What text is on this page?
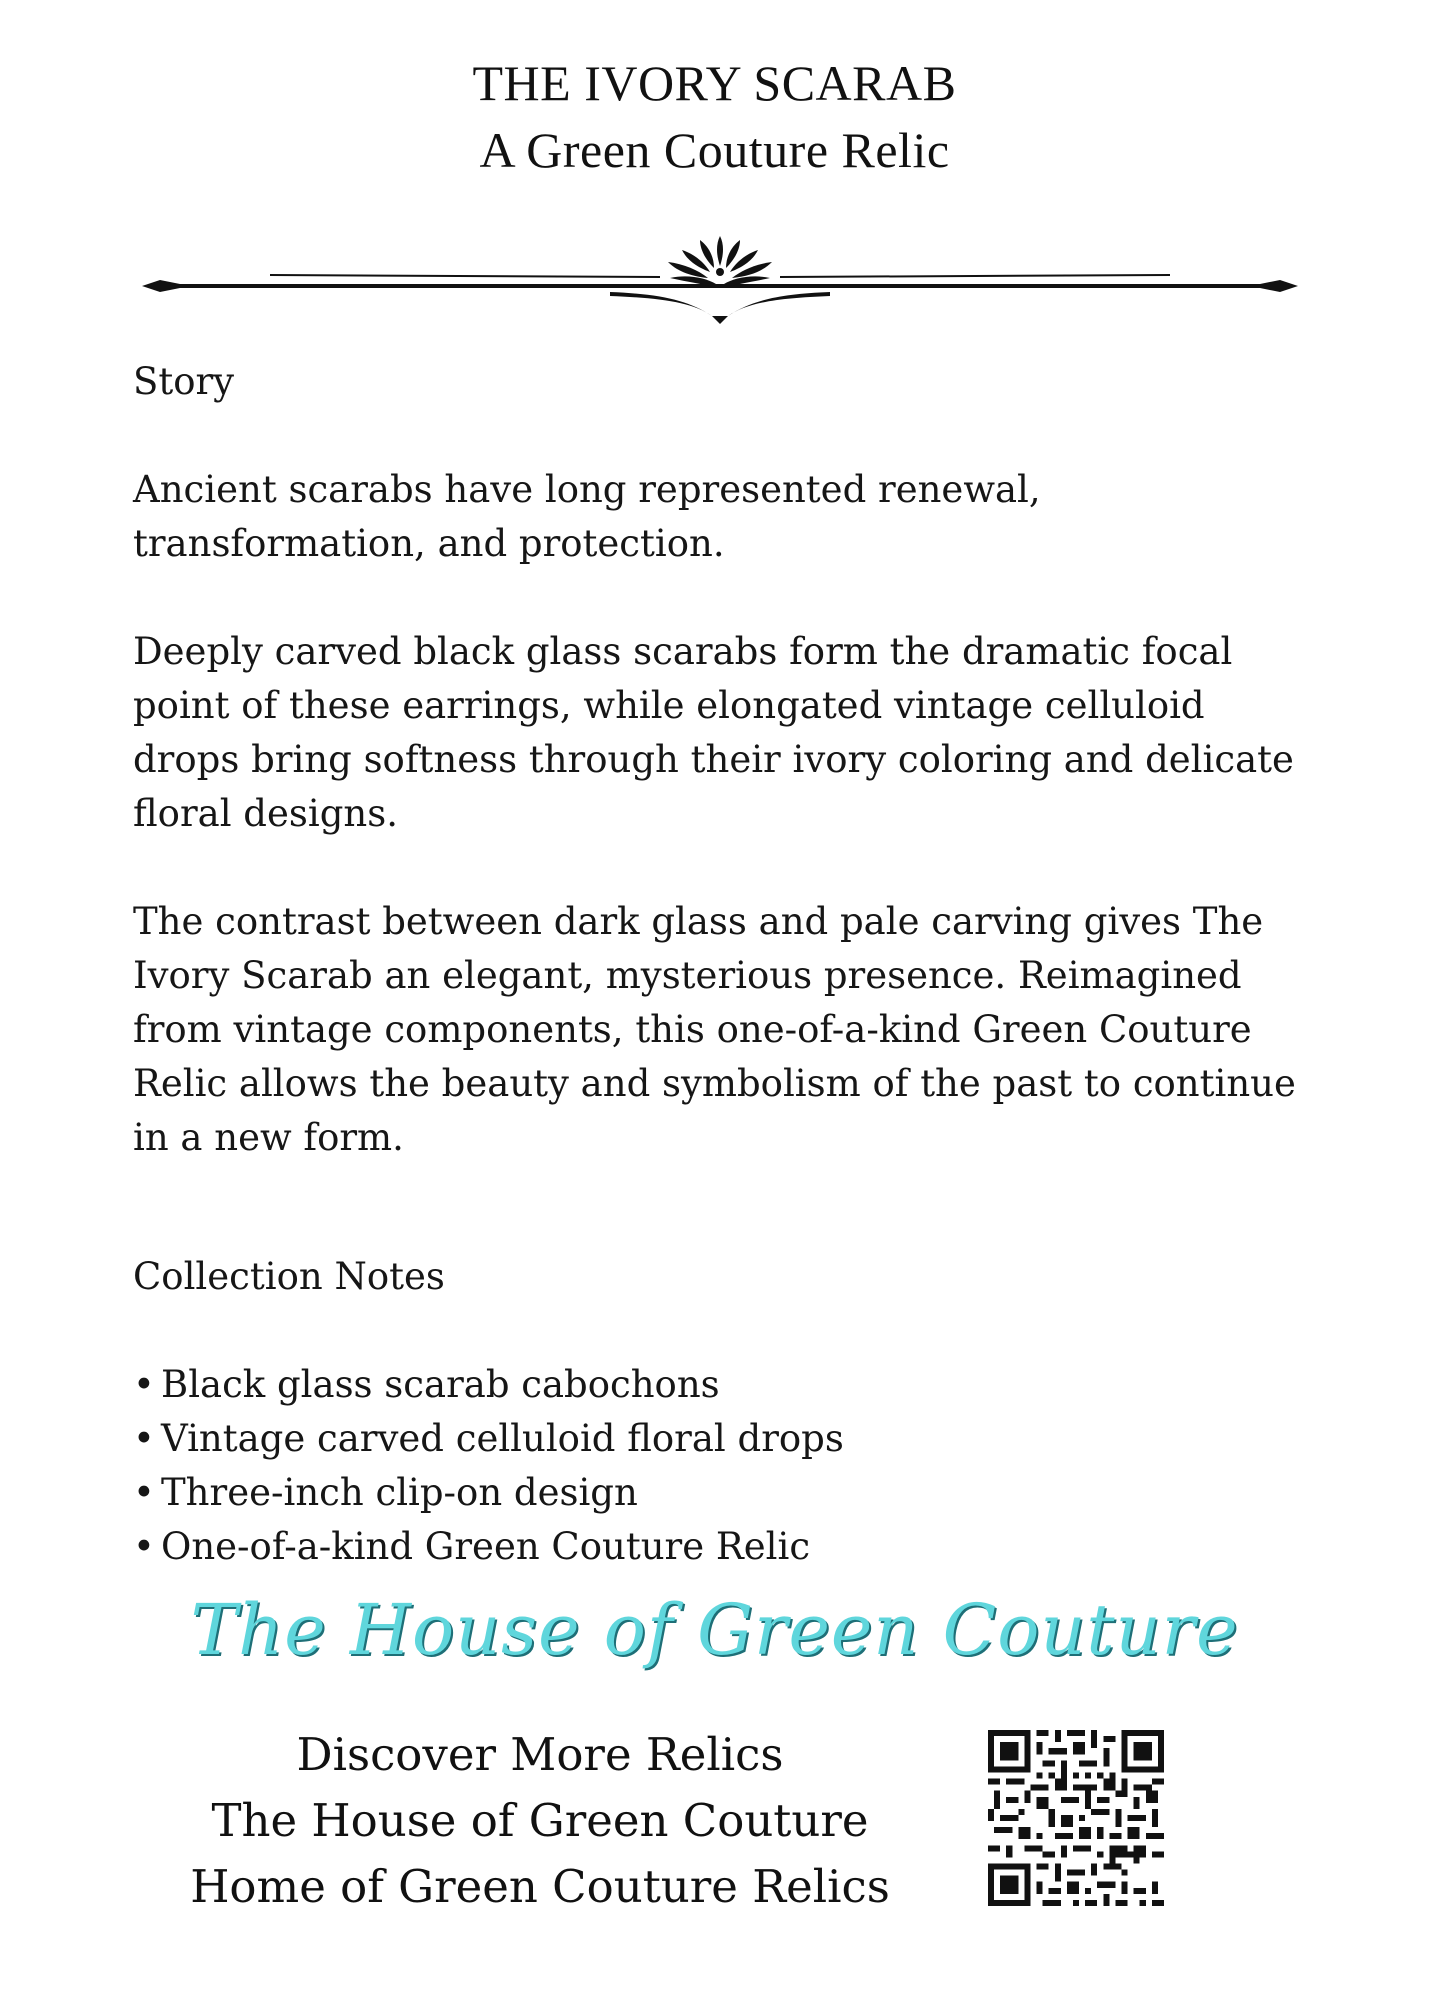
THE IVORY SCARAB
A Green Couture Relic

Story

Ancient scarabs have long represented renewal, transformation, and protection.

Deeply carved black glass scarabs form the dramatic focal point of these earrings, while elongated vintage celluloid drops bring softness through their ivory coloring and delicate floral designs.

The contrast between dark glass and pale carving gives The Ivory Scarab an elegant, mysterious presence. Reimagined from vintage components, this one-of-a-kind Green Couture Relic allows the beauty and symbolism of the past to continue in a new form.

Collection Notes

• Black glass scarab cabochons
• Vintage carved celluloid floral drops
• Three-inch clip-on design
• One-of-a-kind Green Couture Relic
The House of Green Couture
Discover More Relics
The House of Green Couture
Home of Green Couture Relics
